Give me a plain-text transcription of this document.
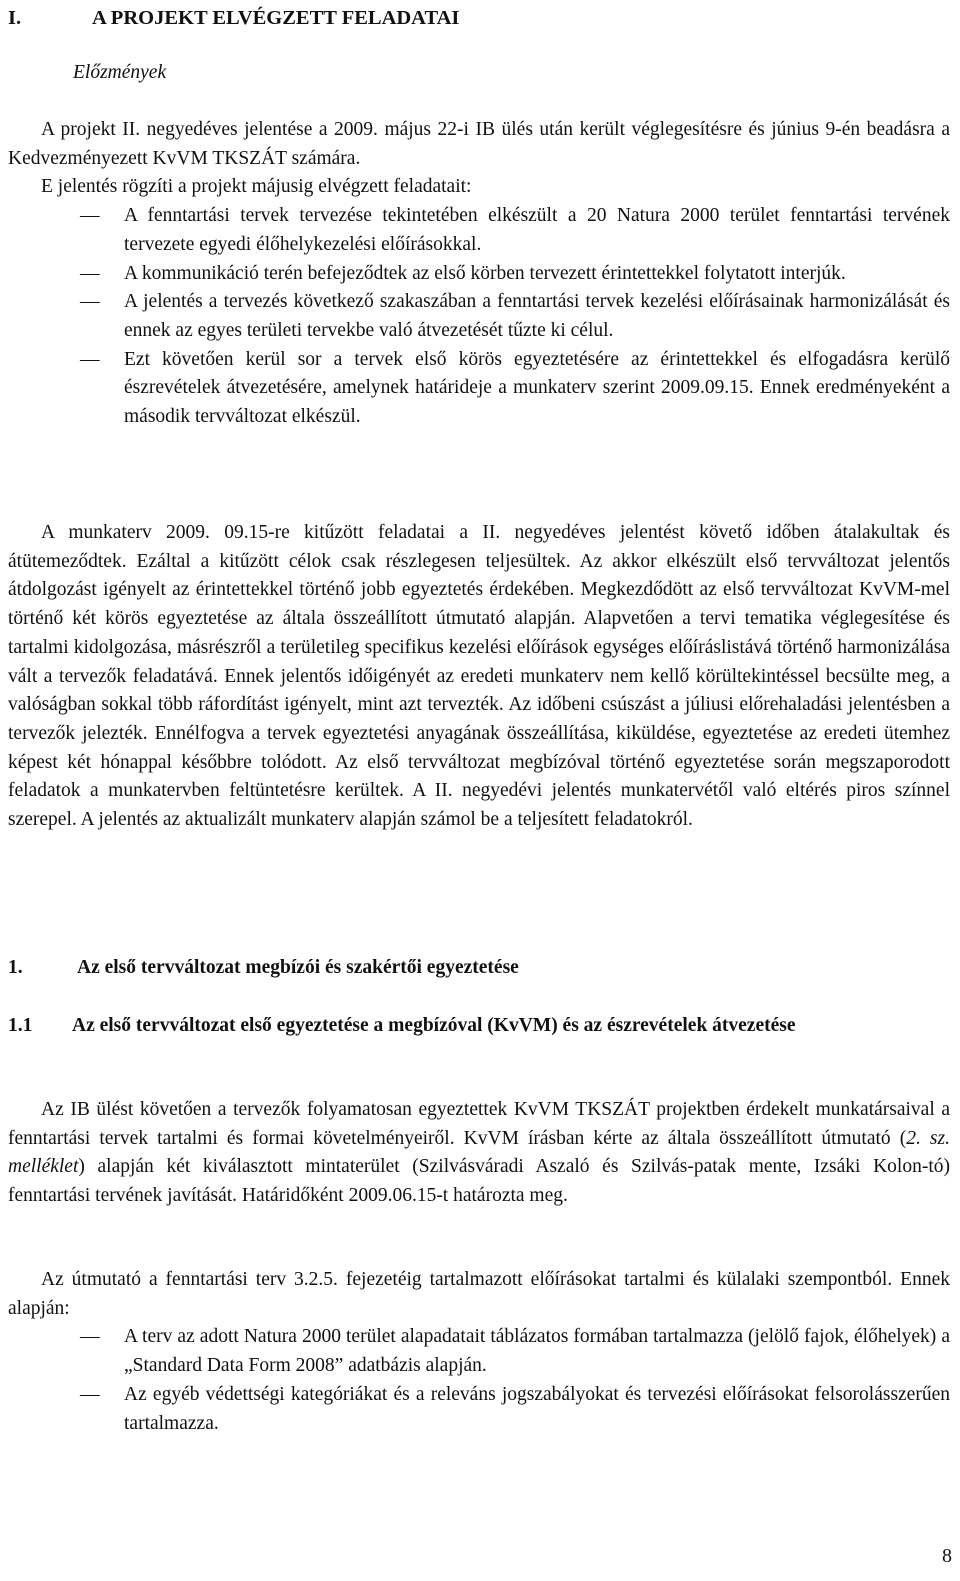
I.	A PROJEKT ELVÉGZETT FELADATAI
Előzmények

A projekt II. negyedéves jelentése a 2009. május 22-i IB ülés után került véglegesítésre és június 9-én beadásra a Kedvezményezett KvVM TKSZÁT számára.

E jelentés rögzíti a projekt májusig elvégzett feladatait:

— A fenntartási tervek tervezése tekintetében elkészült a 20 Natura 2000 terület fenntartási tervének tervezete egyedi élőhelykezelési előírásokkal.
— A kommunikáció terén befejeződtek az első körben tervezett érintettekkel folytatott interjúk.
— A jelentés a tervezés következő szakaszában a fenntartási tervek kezelési előírásainak harmonizálását és ennek az egyes területi tervekbe való átvezetését tűzte ki célul.
— Ezt követően kerül sor a tervek első körös egyeztetésére az érintettekkel és elfogadásra kerülő észrevételek átvezetésére, amelynek határideje a munkaterv szerint 2009.09.15. Ennek eredményeként a második tervváltozat elkészül.

A munkaterv 2009. 09.15-re kitűzött feladatai a II. negyedéves jelentést követő időben átalakultak és átütemeződtek. Ezáltal a kitűzött célok csak részlegesen teljesültek. Az akkor elkészült első tervváltozat jelentős átdolgozást igényelt az érintettekkel történő jobb egyeztetés érdekében. Megkezdődött az első tervváltozat KvVM-mel történő két körös egyeztetése az általa összeállított útmutató alapján. Alapvetően a tervi tematika véglegesítése és tartalmi kidolgozása, másrészről a területileg specifikus kezelési előírások egységes előíráslistává történő harmonizálása vált a tervezők feladatává. Ennek jelentős időigényét az eredeti munkaterv nem kellő körültekintéssel becsülte meg, a valóságban sokkal több ráfordítást igényelt, mint azt tervezték. Az időbeni csúszást a júliusi előrehaladási jelentésben a tervezők jelezték. Ennélfogva a tervek egyeztetési anyagának összeállítása, kiküldése, egyeztetése az eredeti ütemhez képest két hónappal későbbre tolódott. Az első tervváltozat megbízóval történő egyeztetése során megszaporodott feladatok a munkatervben feltüntetésre kerültek. A II. negyedévi jelentés munkatervétől való eltérés piros színnel szerepel. A jelentés az aktualizált munkaterv alapján számol be a teljesített feladatokról.

1.	Az első tervváltozat megbízói és szakértői egyeztetése
1.1 Az első tervváltozat első egyeztetése a megbízóval (KvVM) és az észrevételek átvezetése

Az IB ülést követően a tervezők folyamatosan egyeztettek KvVM TKSZÁT projektben érdekelt munkatársaival a fenntartási tervek tartalmi és formai követelményeiről. KvVM írásban kérte az általa összeállított útmutató (2. sz. melléklet) alapján két kiválasztott mintaterület (Szilvásváradi Aszaló és Szilvás-patak mente, Izsáki Kolon-tó) fenntartási tervének javítását. Határidőként 2009.06.15-t határozta meg.

Az útmutató a fenntartási terv 3.2.5. fejezetéig tartalmazott előírásokat tartalmi és külalaki szempontból. Ennek alapján:

— A terv az adott Natura 2000 terület alapadatait táblázatos formában tartalmazza (jelölő fajok, élőhelyek) a „Standard Data Form 2008” adatbázis alapján.
— Az egyéb védettségi kategóriákat és a releváns jogszabályokat és tervezési előírásokat felsorolásszerűen tartalmazza.
8
